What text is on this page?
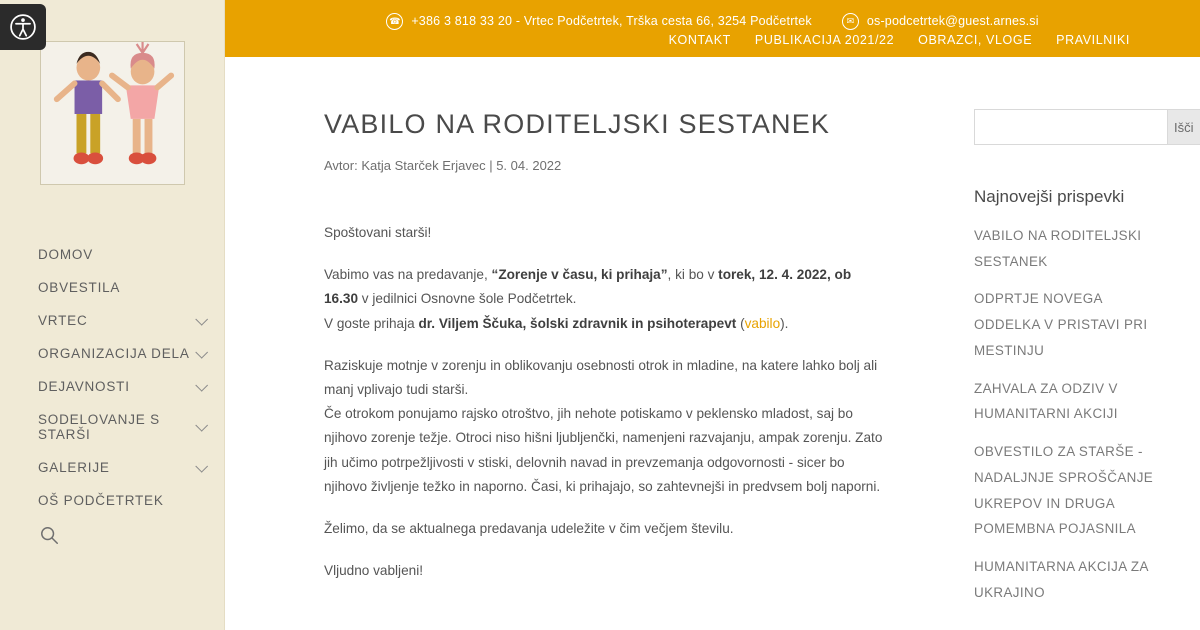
DOMOV
OBVESTILA
VRTEC
ORGANIZACIJA DELA
DEJAVNOSTI
SODELOVANJE S STARŠI
GALERIJE
OŠ PODČETRTEK
☎ +386 3 818 33 20 - Vrtec Podčetrtek, Trška cesta 66, 3254 Podčetrtek	✉	os-podcetrtek@guest.arnes.si
KONTAKT	PUBLIKACIJA 2021/22	OBRAZCI, VLOGE	PRAVILNIKI
VABILO NA RODITELJSKI SESTANEK
Avtor: Katja Starček Erjavec | 5. 04. 2022

Spoštovani starši!

Vabimo vas na predavanje, “Zorenje v času, ki prihaja”, ki bo v torek, 12. 4. 2022, ob 16.30 v jedilnici Osnovne šole Podčetrtek.

V goste prihaja dr. Viljem Ščuka, šolski zdravnik in psihoterapevt (vabilo).

Raziskuje motnje v zorenju in oblikovanju osebnosti otrok in mladine, na katere lahko bolj ali manj vplivajo tudi starši.

Če otrokom ponujamo rajsko otroštvo, jih nehote potiskamo v peklensko mladost, saj bo njihovo zorenje težje. Otroci niso hišni ljubljenčki, namenjeni razvajanju, ampak zorenju. Zato jih učimo potrpežljivosti v stiski, delovnih navad in prevzemanja odgovornosti - sicer bo njihovo življenje težko in naporno. Časi, ki prihajajo, so zahtevnejši in predvsem bolj naporni.

Želimo, da se aktualnega predavanja udeležite v čim večjem številu.

Vljudno vabljeni!

Išči
Najnovejši prispevki
VABILO NA RODITELJSKI SESTANEK
ODPRTJE NOVEGA ODDELKA V PRISTAVI PRI MESTINJU
ZAHVALA ZA ODZIV V HUMANITARNI AKCIJI
OBVESTILO ZA STARŠE - NADALJNJE SPROŠČANJE UKREPOV IN DRUGA POMEMBNA POJASNILA
HUMANITARNA AKCIJA ZA UKRAJINO
